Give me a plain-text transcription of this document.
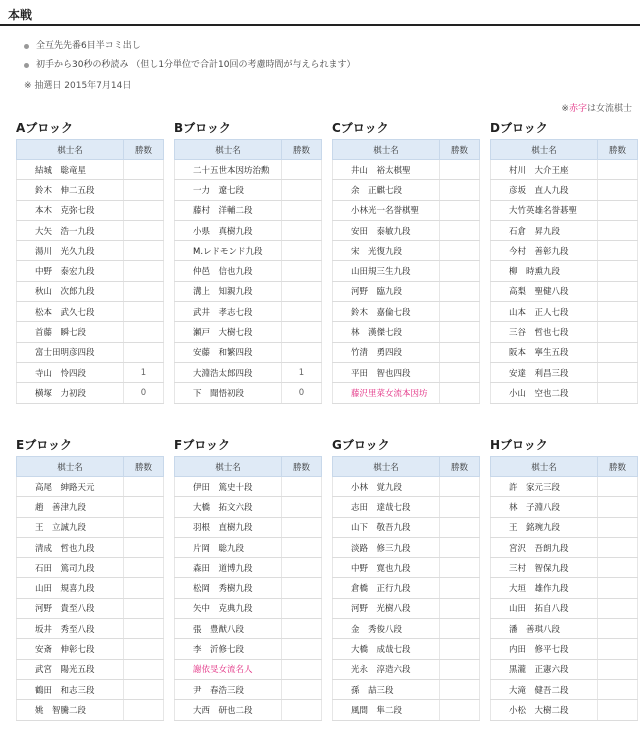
本戦
全互先先番6目半コミ出し
初手から30秒の秒読み （但し1分単位で合計10回の考慮時間が与えられます）
※ 抽選日 2015年7月14日
※赤字は女流棋士
Aブロック
棋士名	勝数
結城　聡竜星	
鈴木　伸二五段	
本木　克弥七段	
大矢　浩一九段	
湯川　光久九段	
中野　泰宏九段	
秋山　次郎九段	
松本　武久七段	
首藤　瞬七段	
富士田明彦四段	
寺山　怜四段	1
横塚　力初段	0
Bブロック
棋士名	勝数
二十五世本因坊治勲	
一力　遼七段	
藤村　洋輔二段	
小県　真樹九段	
M.レドモンド九段	
仲邑　信也九段	
溝上　知親九段	
武井　孝志七段	
瀬戸　大樹七段	
安藤　和繁四段	
大淵浩太郎四段	1
下　聞悟初段	0
Cブロック
棋士名	勝数
井山　裕太棋聖	
余　正麒七段	
小林光一名誉棋聖	
安田　泰敏九段	
宋　光復九段	
山田規三生九段	
河野　臨九段	
鈴木　嘉倫七段	
林　漢傑七段	
竹清　勇四段	
平田　智也四段	
藤沢里菜女流本因坊	
Dブロック
棋士名	勝数
村川　大介王座	
彦坂　直人九段	
大竹英雄名誉碁聖	
石倉　昇九段	
今村　善彰九段	
柳　時熏九段	
高梨　聖健八段	
山本　正人七段	
三谷　哲也七段	
阪本　寧生五段	
安達　利昌三段	
小山　空也二段	
Eブロック
棋士名	勝数
高尾　紳路天元	
趙　善津九段	
王　立誠九段	
清成　哲也九段	
石田　篤司九段	
山田　規喜九段	
河野　貴至八段	
坂井　秀至八段	
安斎　伸彰七段	
武宮　陽光五段	
鶴田　和志三段	
姚　智騰二段	
Fブロック
棋士名	勝数
伊田　篤史十段	
大橋　拓文六段	
羽根　直樹九段	
片岡　聡九段	
森田　道博九段	
松岡　秀樹九段	
矢中　克典九段	
張　豊猷八段	
李　沂修七段	
謝依旻女流名人	
尹　春浩三段	
大西　研也二段	
Gブロック
棋士名	勝数
小林　覚九段	
志田　達哉七段	
山下　敬吾九段	
淡路　修三九段	
中野　寛也九段	
倉橋　正行九段	
河野　光樹八段	
金　秀俊八段	
大橋　成哉七段	
光永　淳造六段	
孫　喆三段	
風間　隼二段	
Hブロック
棋士名	勝数
許　家元三段	
林　子淵八段	
王　銘琬九段	
宮沢　吾朗九段	
三村　智保九段	
大垣　雄作九段	
山田　拓自八段	
潘　善琪八段	
内田　修平七段	
黒瀧　正憲六段	
大滝　健吾二段	
小松　大樹二段	
